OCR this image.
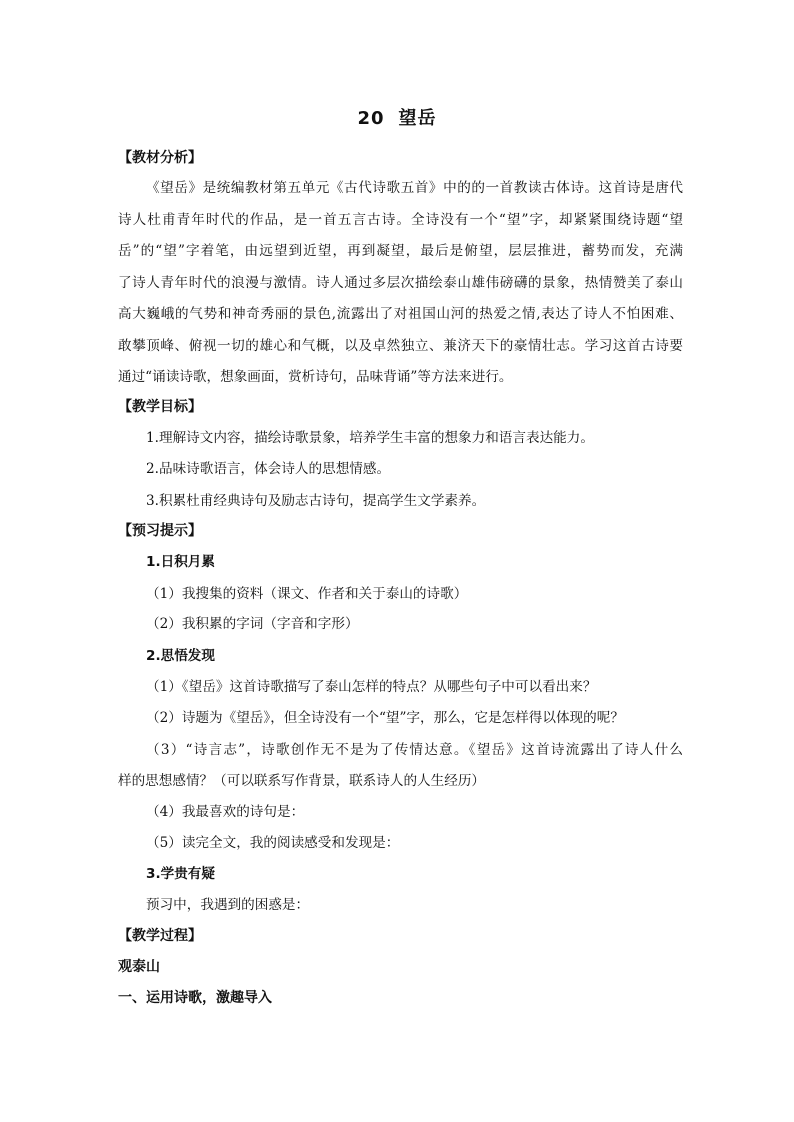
20 望岳
【教材分析】
《望岳》是统编教材第五单元《古代诗歌五首》中的的一首教读古体诗。这首诗是唐代
诗人杜甫青年时代的作品，是一首五言古诗。全诗没有一个“望”字，却紧紧围绕诗题“望
岳”的“望”字着笔，由远望到近望，再到凝望，最后是俯望，层层推进，蓄势而发，充满
了诗人青年时代的浪漫与激情。诗人通过多层次描绘泰山雄伟磅礴的景象，热情赞美了泰山
高大巍峨的气势和神奇秀丽的景色,流露出了对祖国山河的热爱之情,表达了诗人不怕困难、
敢攀顶峰、俯视一切的雄心和气概，以及卓然独立、兼济天下的豪情壮志。学习这首古诗要
通过“诵读诗歌，想象画面，赏析诗句，品味背诵”等方法来进行。
【教学目标】
1.理解诗文内容，描绘诗歌景象，培养学生丰富的想象力和语言表达能力。
2.品味诗歌语言，体会诗人的思想情感。
3.积累杜甫经典诗句及励志古诗句，提高学生文学素养。
【预习提示】
1.日积月累
（1）我搜集的资料（课文、作者和关于泰山的诗歌）
（2）我积累的字词（字音和字形）
2.思悟发现
（1）《望岳》这首诗歌描写了泰山怎样的特点？从哪些句子中可以看出来？
（2）诗题为《望岳》，但全诗没有一个“望”字，那么，它是怎样得以体现的呢？
（3）“诗言志”，诗歌创作无不是为了传情达意。《望岳》这首诗流露出了诗人什么
样的思想感情？（可以联系写作背景，联系诗人的人生经历）
（4）我最喜欢的诗句是：
（5）读完全文，我的阅读感受和发现是：
3.学贵有疑
预习中，我遇到的困惑是：
【教学过程】
观泰山
一、运用诗歌，激趣导入
